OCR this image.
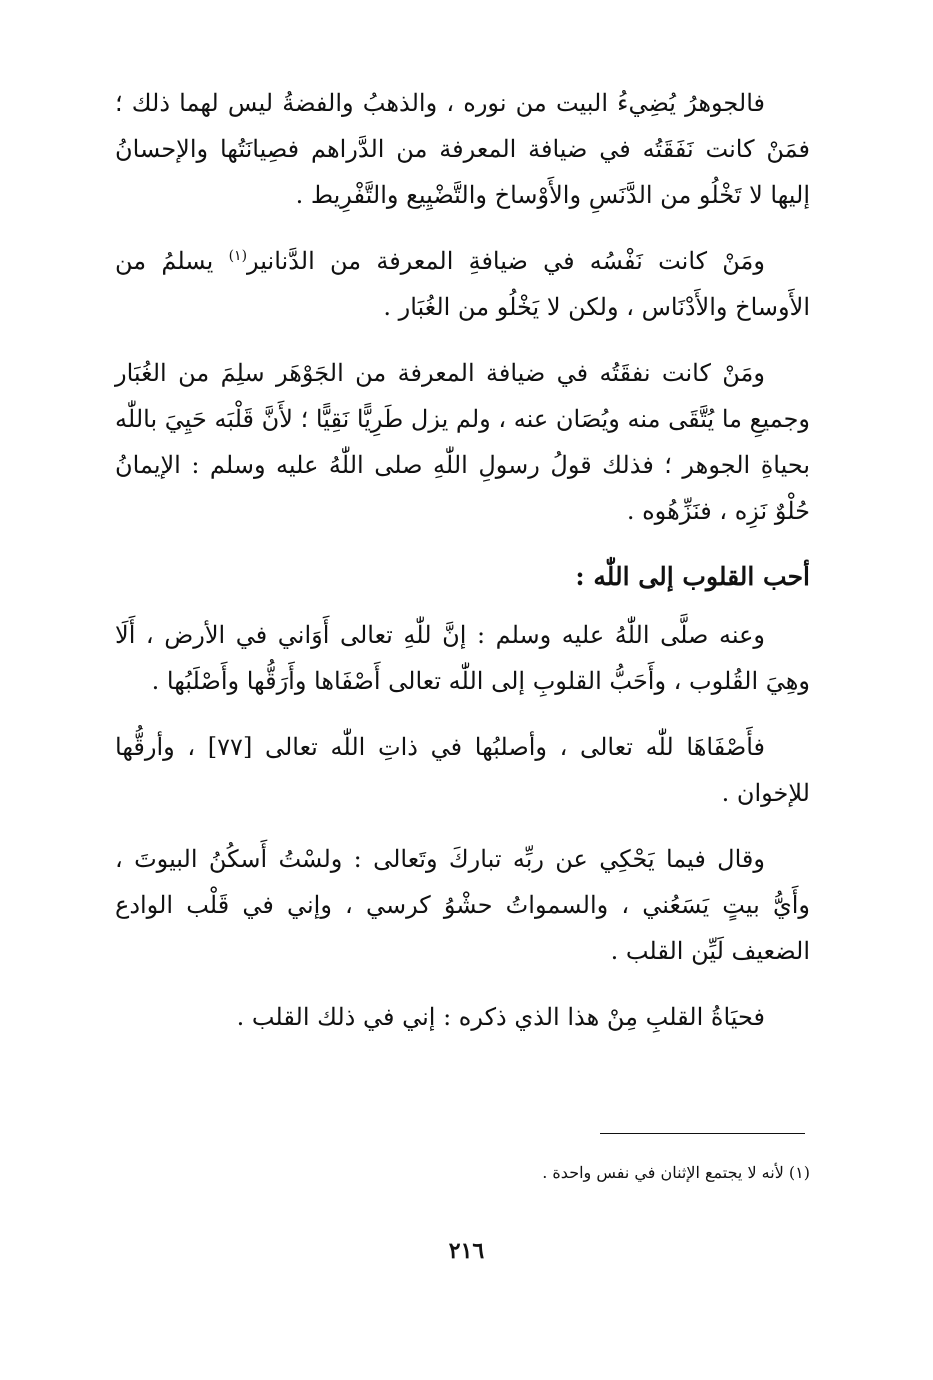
فالجوهرُ يُضِيءُ البيت من نوره ، والذهبُ والفضةُ ليس لهما ذلك ؛ فمَنْ كانت نَفَقَتُه في ضيافة المعرفة من الدَّراهم فصِيانَتُها والإحسانُ إليها لا تَخْلُو من الدَّنَسِ والأَوْساخ والتَّضْيِيع والتَّفْرِيط .

ومَنْ كانت نَفْسُه في ضيافةِ المعرفة من الدَّنانير$^{(١)}$ يسلمُ من الأَوساخ والأَدْنَاس ، ولكن لا يَخْلُو من الغُبَار .

ومَنْ كانت نفقَتُه في ضيافة المعرفة من الجَوْهَر سلِمَ من الغُبَار وجميعِ ما يُتَّقَى منه ويُصَان عنه ، ولم يزل طَرِيًّا نَقِيًّا ؛ لأَنَّ قَلْبَه حَيِيَ باللّٰه بحياةِ الجوهر ؛ فذلك قولُ رسولِ اللّٰهِ صلى اللّٰهُ عليه وسلم : الإيمانُ حُلْوٌ نَزِه ، فنَزِّهُوه .

أحب القلوب إلى اللّٰه :

وعنه صلَّى اللّٰهُ عليه وسلم : إنَّ للّٰهِ تعالى أَوَاني في الأرض ، أَلَا وهِيَ القُلوب ، وأَحَبُّ القلوبِ إلى اللّٰه تعالى أَصْفَاها وأَرَقُّها وأَصْلَبُها .

فأَصْفَاهَا للّٰه تعالى ، وأصلبُها في ذاتِ اللّٰه تعالى [٧٧] ، وأرقُّها للإخوان .

وقال فيما يَحْكِي عن ربِّه تباركَ وتَعالى : ولسْتُ أَسكُنُ البيوتَ ، وأَيُّ بيتٍ يَسَعُني ، والسمواتُ حشْوُ كرسي ، وإني في قَلْب الوادع الضعيف لَيِّن القلب .

فحيَاةُ القلبِ مِنْ هذا الذي ذكره : إني في ذلك القلب .

(١) لأنه لا يجتمع الإثنان في نفس واحدة .
٢١٦
